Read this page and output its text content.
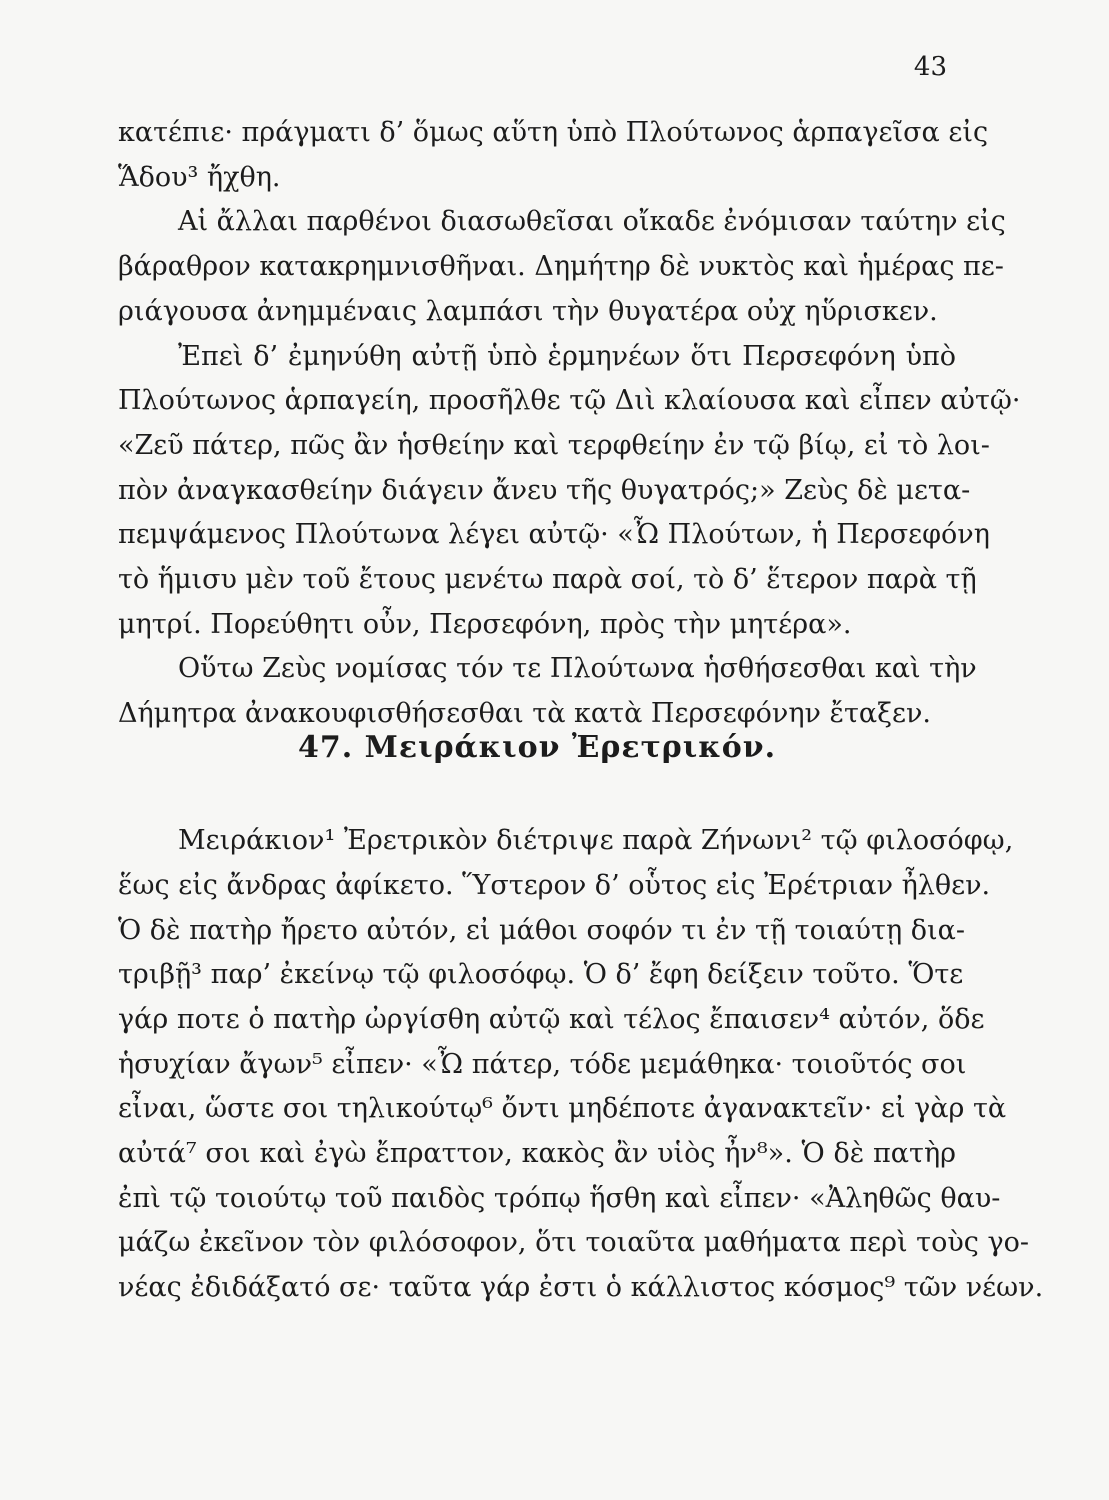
43
κατέπιε· πράγματι δ’ ὅμως αὕτη ὑπὸ Πλούτωνος ἁρπαγεῖσα εἰς
Ἅδου³ ἤχθη.
Αἱ ἄλλαι παρθένοι διασωθεῖσαι οἴκαδε ἐνόμισαν ταύτην εἰς
βάραθρον κατακρημνισθῆναι. Δημήτηρ δὲ νυκτὸς καὶ ἡμέρας πε-
ριάγουσα ἀνημμέναις λαμπάσι τὴν θυγατέρα οὐχ ηὕρισκεν.
Ἐπεὶ δ’ ἐμηνύθη αὐτῇ ὑπὸ ἑρμηνέων ὅτι Περσεφόνη ὑπὸ
Πλούτωνος ἁρπαγείη, προσῆλθε τῷ Διὶ κλαίουσα καὶ εἶπεν αὐτῷ·
«Ζεῦ πάτερ, πῶς ἂν ἡσθείην καὶ τερφθείην ἐν τῷ βίῳ, εἰ τὸ λοι-
πὸν ἀναγκασθείην διάγειν ἄνευ τῆς θυγατρός;» Ζεὺς δὲ μετα-
πεμψάμενος Πλούτωνα λέγει αὐτῷ· «Ὦ Πλούτων, ἡ Περσεφόνη
τὸ ἥμισυ μὲν τοῦ ἔτους μενέτω παρὰ σοί, τὸ δ’ ἕτερον παρὰ τῇ
μητρί. Πορεύθητι οὖν, Περσεφόνη, πρὸς τὴν μητέρα».
Οὕτω Ζεὺς νομίσας τόν τε Πλούτωνα ἡσθήσεσθαι καὶ τὴν
Δήμητρα ἀνακουφισθήσεσθαι τὰ κατὰ Περσεφόνην ἔταξεν.
47. Μειράκιον Ἐρετρικόν.
Μειράκιον¹ Ἐρετρικὸν διέτριψε παρὰ Ζήνωνι² τῷ φιλοσόφῳ,
ἕως εἰς ἄνδρας ἀφίκετο. Ὕστερον δ’ οὗτος εἰς Ἐρέτριαν ἦλθεν.
Ὁ δὲ πατὴρ ἤρετο αὐτόν, εἰ μάθοι σοφόν τι ἐν τῇ τοιαύτῃ δια-
τριβῇ³ παρ’ ἐκείνῳ τῷ φιλοσόφῳ. Ὁ δ’ ἔφη δείξειν τοῦτο. Ὅτε
γάρ ποτε ὁ πατὴρ ὠργίσθη αὐτῷ καὶ τέλος ἔπαισεν⁴ αὐτόν, ὅδε
ἡσυχίαν ἄγων⁵ εἶπεν· «Ὦ πάτερ, τόδε μεμάθηκα· τοιοῦτός σοι
εἶναι, ὥστε σοι τηλικούτῳ⁶ ὄντι μηδέποτε ἀγανακτεῖν· εἰ γὰρ τὰ
αὐτά⁷ σοι καὶ ἐγὼ ἔπραττον, κακὸς ἂν υἱὸς ἦν⁸». Ὁ δὲ πατὴρ
ἐπὶ τῷ τοιούτῳ τοῦ παιδὸς τρόπῳ ἥσθη καὶ εἶπεν· «Ἀληθῶς θαυ-
μάζω ἐκεῖνον τὸν φιλόσοφον, ὅτι τοιαῦτα μαθήματα περὶ τοὺς γο-
νέας ἐδιδάξατό σε· ταῦτα γάρ ἐστι ὁ κάλλιστος κόσμος⁹ τῶν νέων.
